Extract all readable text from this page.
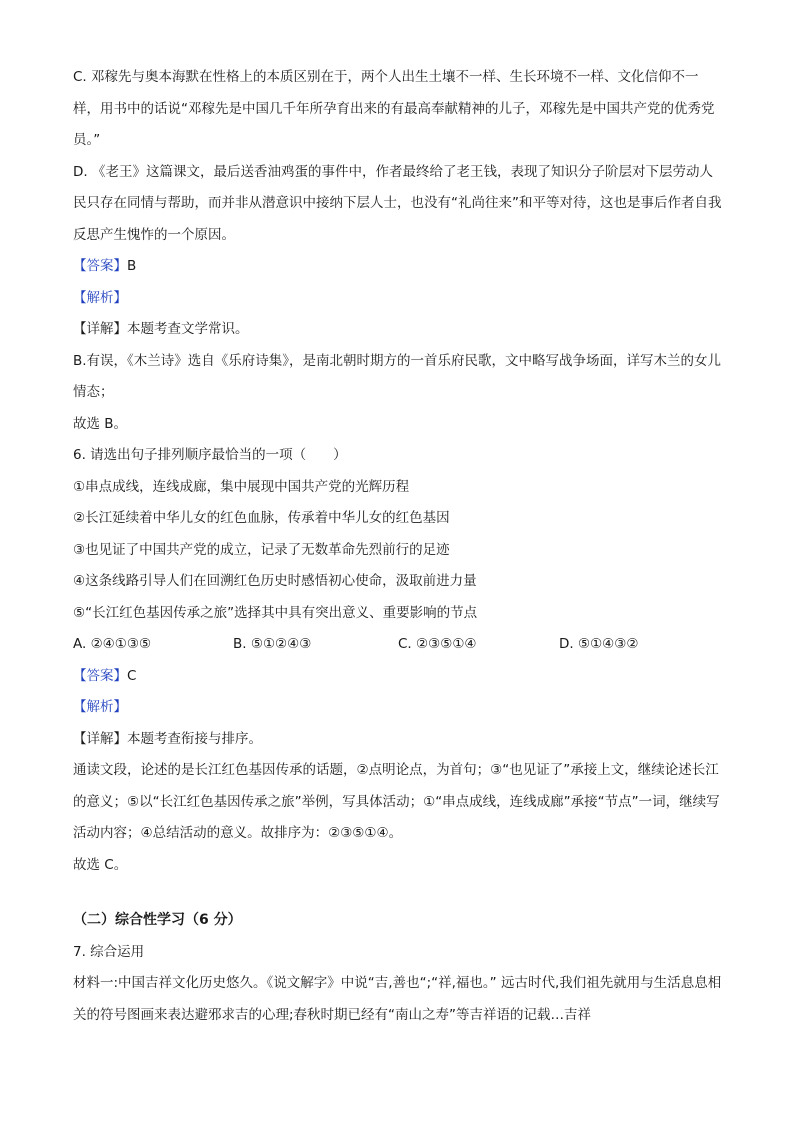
C. 邓稼先与奥本海默在性格上的本质区别在于，两个人出生土壤不一样、生长环境不一样、文化信仰不一样，用书中的话说“邓稼先是中国几千年所孕育出来的有最高奉献精神的儿子，邓稼先是中国共产党的优秀党员。”

D. 《老王》这篇课文，最后送香油鸡蛋的事件中，作者最终给了老王钱，表现了知识分子阶层对下层劳动人民只存在同情与帮助，而并非从潜意识中接纳下层人士，也没有“礼尚往来”和平等对待，这也是事后作者自我反思产生愧怍的一个原因。

【答案】B

【解析】

【详解】本题考查文学常识。

B.有误，《木兰诗》选自《乐府诗集》，是南北朝时期方的一首乐府民歌，文中略写战争场面，详写木兰的女儿情态；

故选 B。

6. 请选出句子排列顺序最恰当的一项（　　）

①串点成线，连线成廊，集中展现中国共产党的光辉历程

②长江延续着中华儿女的红色血脉，传承着中华儿女的红色基因

③也见证了中国共产党的成立，记录了无数革命先烈前行的足迹

④这条线路引导人们在回溯红色历史时感悟初心使命，汲取前进力量

⑤“长江红色基因传承之旅”选择其中具有突出意义、重要影响的节点

A. ②④①③⑤	B. ⑤①②④③	C. ②③⑤①④	D. ⑤①④③②

【答案】C

【解析】

【详解】本题考查衔接与排序。

通读文段，论述的是长江红色基因传承的话题，②点明论点，为首句；③“也见证了”承接上文，继续论述长江的意义；⑤以“长江红色基因传承之旅”举例，写具体活动；①“串点成线，连线成廊”承接“节点”一词，继续写活动内容；④总结活动的意义。故排序为：②③⑤①④。

故选 C。

（二）综合性学习（6 分）

7. 综合运用

材料一:中国吉祥文化历史悠久。《说文解字》中说“吉,善也“;“祥,福也。” 远古时代,我们祖先就用与生活息息相关的符号图画来表达避邪求吉的心理;春秋时期已经有“南山之寿”等吉祥语的记载…吉祥
